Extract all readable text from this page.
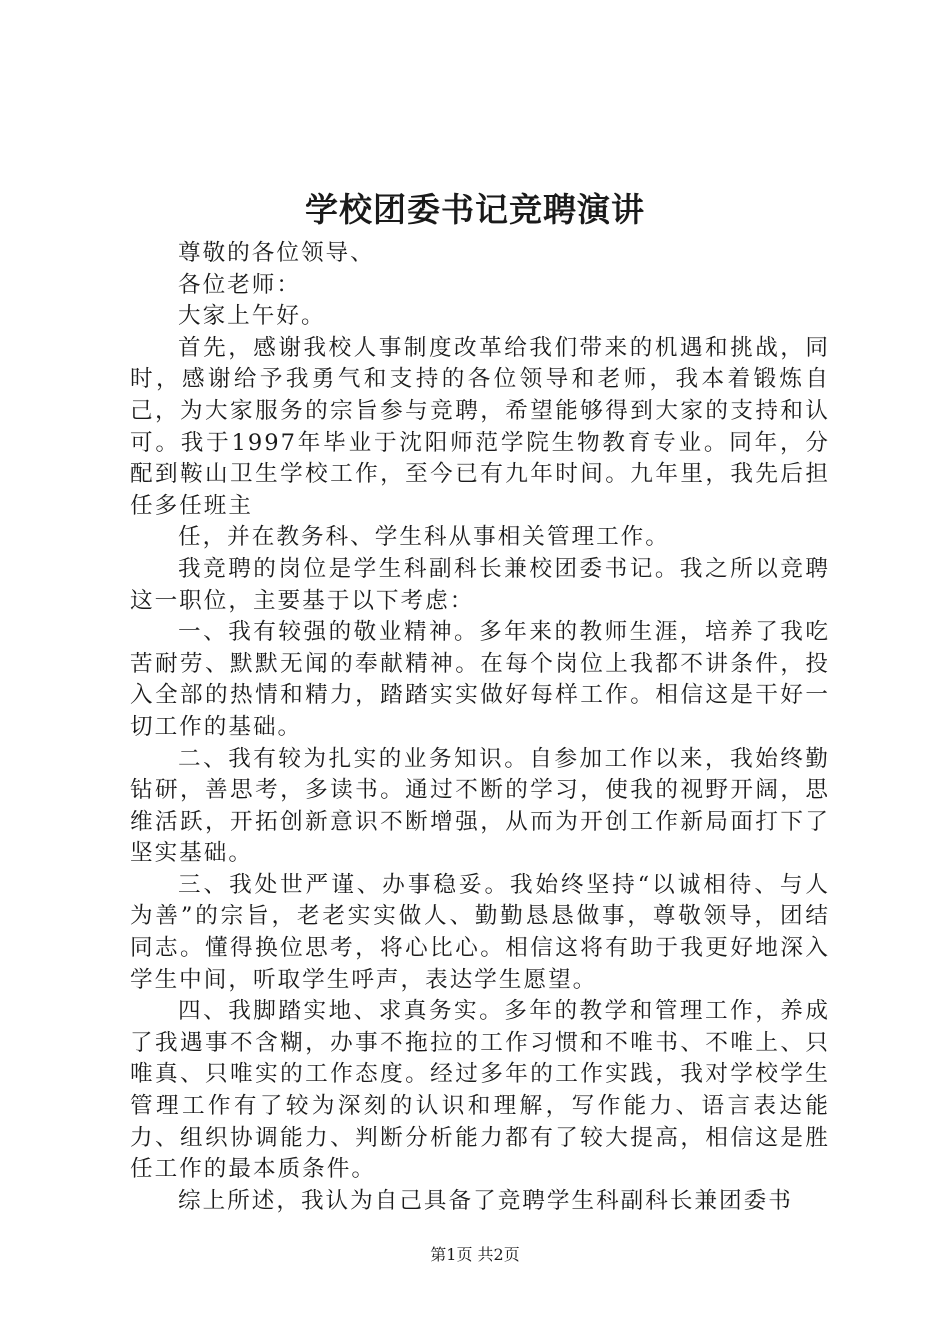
学校团委书记竞聘演讲

尊敬的各位领导、

各位老师：

大家上午好。

首先，感谢我校人事制度改革给我们带来的机遇和挑战，同时，感谢给予我勇气和支持的各位领导和老师，我本着锻炼自己，为大家服务的宗旨参与竞聘，希望能够得到大家的支持和认可。我于1997年毕业于沈阳师范学院生物教育专业。同年，分配到鞍山卫生学校工作，至今已有九年时间。九年里，我先后担任多任班主

任，并在教务科、学生科从事相关管理工作。

我竞聘的岗位是学生科副科长兼校团委书记。我之所以竞聘这一职位，主要基于以下考虑：

一、我有较强的敬业精神。多年来的教师生涯，培养了我吃苦耐劳、默默无闻的奉献精神。在每个岗位上我都不讲条件，投入全部的热情和精力，踏踏实实做好每样工作。相信这是干好一切工作的基础。

二、我有较为扎实的业务知识。自参加工作以来，我始终勤钻研，善思考，多读书。通过不断的学习，使我的视野开阔，思维活跃，开拓创新意识不断增强，从而为开创工作新局面打下了坚实基础。

三、我处世严谨、办事稳妥。我始终坚持“以诚相待、与人为善”的宗旨，老老实实做人、勤勤恳恳做事，尊敬领导，团结同志。懂得换位思考，将心比心。相信这将有助于我更好地深入学生中间，听取学生呼声，表达学生愿望。

四、我脚踏实地、求真务实。多年的教学和管理工作，养成了我遇事不含糊，办事不拖拉的工作习惯和不唯书、不唯上、只唯真、只唯实的工作态度。经过多年的工作实践，我对学校学生管理工作有了较为深刻的认识和理解，写作能力、语言表达能力、组织协调能力、判断分析能力都有了较大提高，相信这是胜任工作的最本质条件。

综上所述，我认为自己具备了竞聘学生科副科长兼团委书

第1页 共2页
